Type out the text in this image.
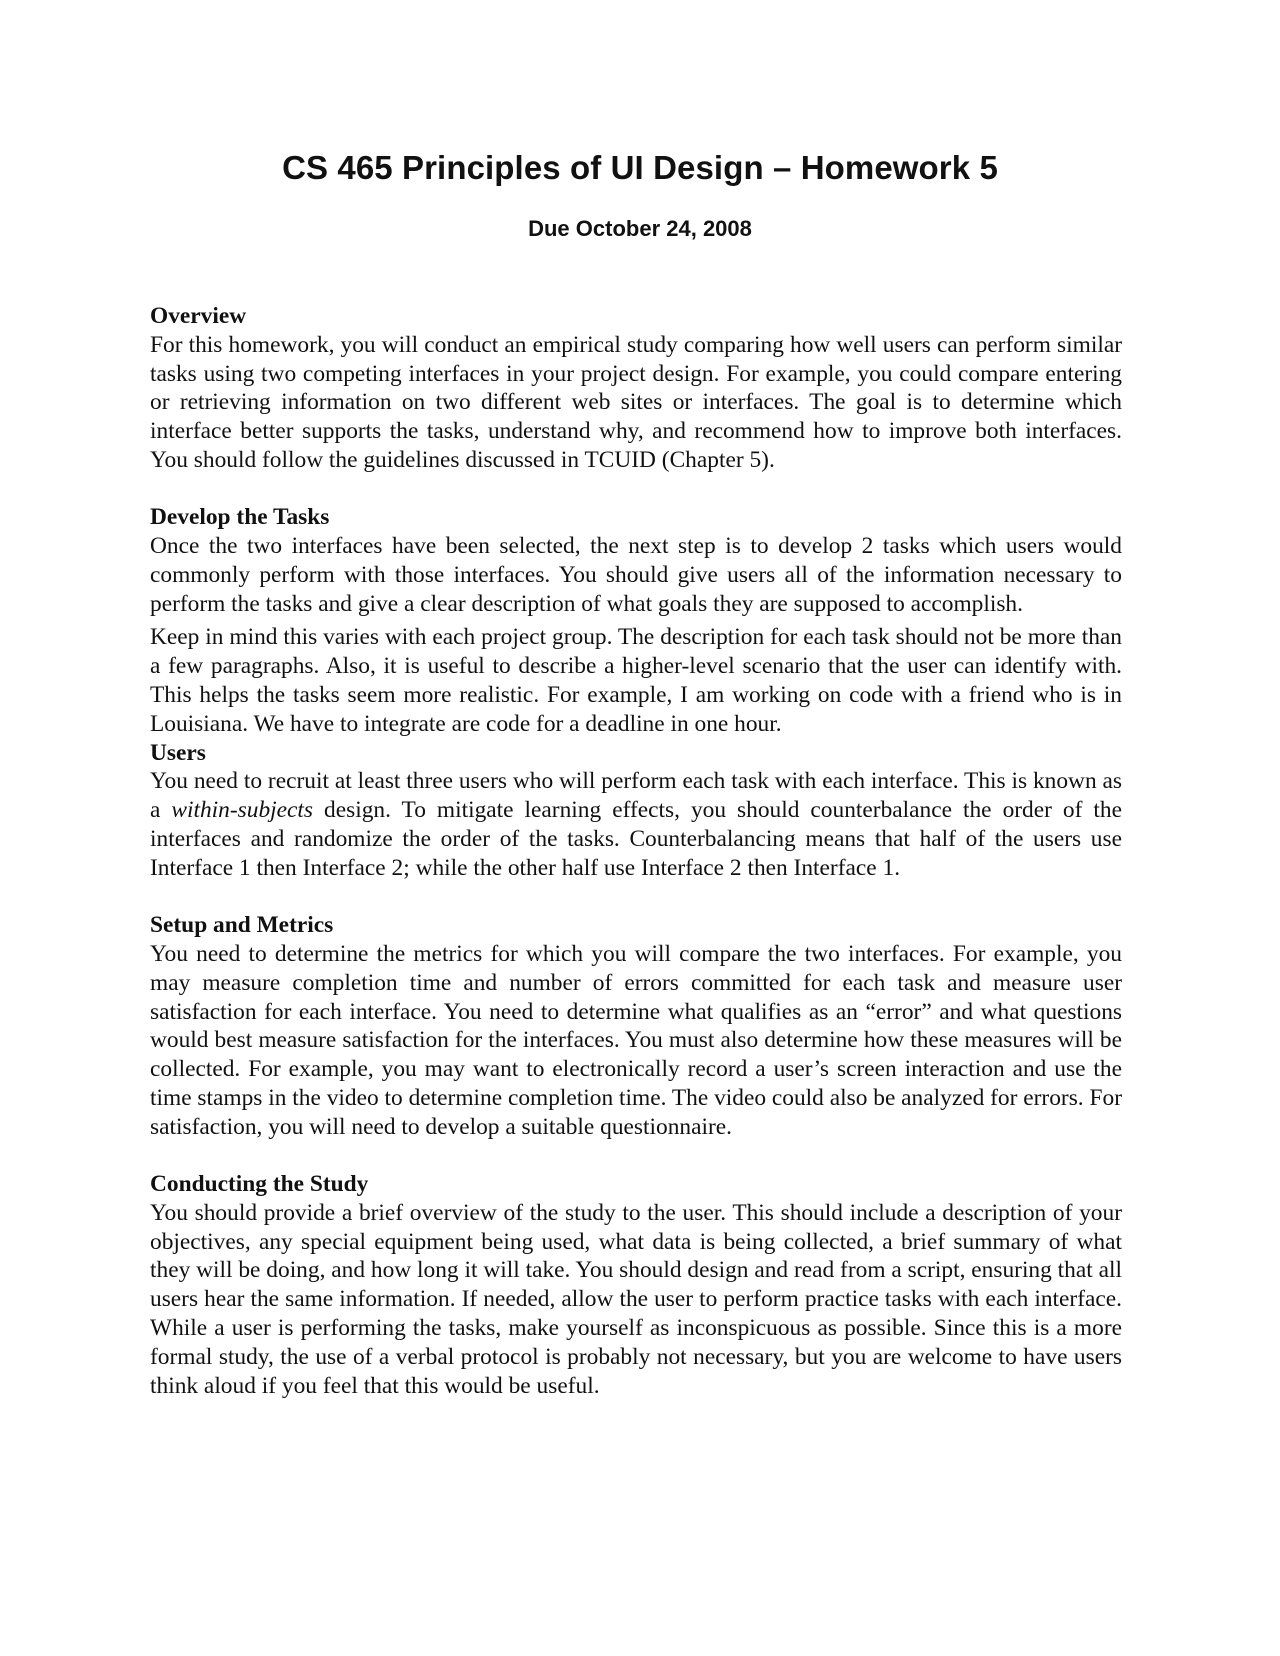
CS 465 Principles of UI Design – Homework 5
Due October 24, 2008
Overview

For this homework, you will conduct an empirical study comparing how well users can perform similar tasks using two competing interfaces in your project design. For example, you could compare entering or retrieving information on two different web sites or interfaces. The goal is to determine which interface better supports the tasks, understand why, and recommend how to improve both interfaces. You should follow the guidelines discussed in TCUID (Chapter 5).

Develop the Tasks

Once the two interfaces have been selected, the next step is to develop 2 tasks which users would commonly perform with those interfaces. You should give users all of the information necessary to perform the tasks and give a clear description of what goals they are supposed to accomplish.

Keep in mind this varies with each project group. The description for each task should not be more than a few paragraphs. Also, it is useful to describe a higher-level scenario that the user can identify with. This helps the tasks seem more realistic. For example, I am working on code with a friend who is in Louisiana. We have to integrate are code for a deadline in one hour.

Users

You need to recruit at least three users who will perform each task with each interface. This is known as a within-subjects design. To mitigate learning effects, you should counterbalance the order of the interfaces and randomize the order of the tasks. Counterbalancing means that half of the users use Interface 1 then Interface 2; while the other half use Interface 2 then Interface 1.

Setup and Metrics

You need to determine the metrics for which you will compare the two interfaces. For example, you may measure completion time and number of errors committed for each task and measure user satisfaction for each interface. You need to determine what qualifies as an “error” and what questions would best measure satisfaction for the interfaces. You must also determine how these measures will be collected. For example, you may want to electronically record a user’s screen interaction and use the time stamps in the video to determine completion time. The video could also be analyzed for errors. For satisfaction, you will need to develop a suitable questionnaire.

Conducting the Study

You should provide a brief overview of the study to the user. This should include a description of your objectives, any special equipment being used, what data is being collected, a brief summary of what they will be doing, and how long it will take. You should design and read from a script, ensuring that all users hear the same information. If needed, allow the user to perform practice tasks with each interface. While a user is performing the tasks, make yourself as inconspicuous as possible. Since this is a more formal study, the use of a verbal protocol is probably not necessary, but you are welcome to have users think aloud if you feel that this would be useful.
